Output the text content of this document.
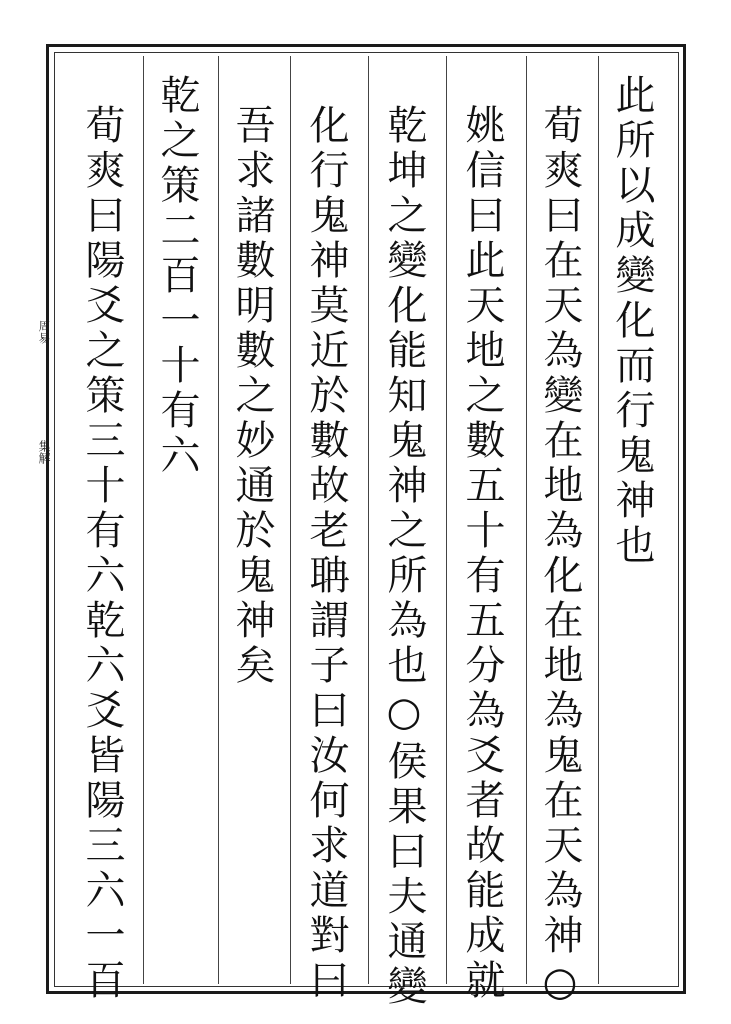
周易
集解	此所以成變化而行鬼神也
荀爽曰在天為變在地為化在地為鬼在天為神○
姚信曰此天地之數五十有五分為爻者故能成就
乾坤之變化能知鬼神之所為也○侯果曰夫通變
化行鬼神莫近於數故老聃謂子曰汝何求道對曰
吾求諸數明數之妙通於鬼神矣
乾之策二百一十有六
荀爽曰陽爻之策三十有六乾六爻皆陽三六一百
